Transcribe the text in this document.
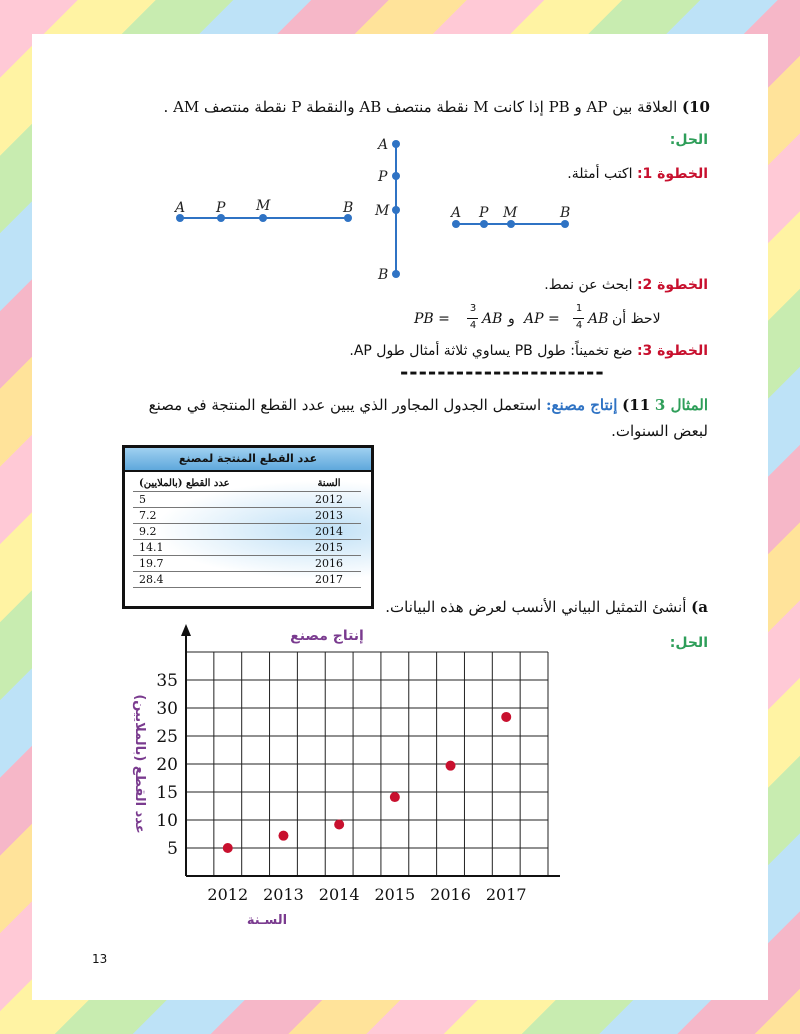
10) العلاقة بين AP و PB إذا كانت M نقطة منتصف AB والنقطة P نقطة منتصف AM .
الحل:
الخطوة 1: اكتب أمثلة.
A P M	B
A
P
M
B
A P M	B
الخطوة 2: ابحث عن نمط.
PB =
3
4 AB و AP =
1
4 AB لاحظ أن
الخطوة 3: ضع تخميناً: طول PB يساوي ثلاثة أمثال طول AP.
----------------------
المثال 3 11) إنتاج مصنع: استعمل الجدول المجاور الذي يبين عدد القطع المنتجة في مصنع لبعض السنوات.
عدد القطع المنتجة لمصنع
عدد القطع (بالملايين)	السنة
5	2012
7.2	2013
9.2	2014
14.1	2015
19.7	2016
28.4	2017
a) أنشئ التمثيل البياني الأنسب لعرض هذه البيانات.
الحل:
5
10
15
20
25
30
35
2012 2013 2014 2015 2016 2017
إنتاج مصنع
السـنة
عدد القطع (بالملايين)
13
